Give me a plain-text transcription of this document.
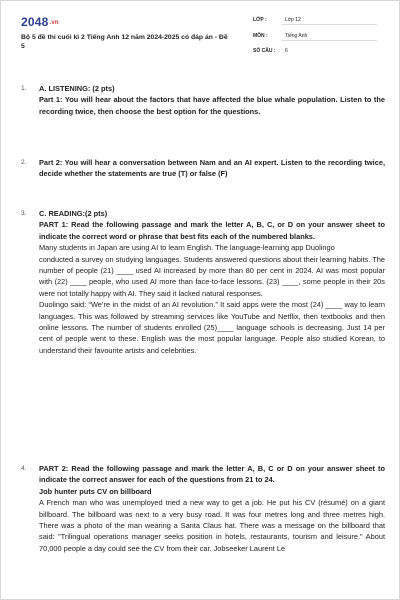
2048.vn
Bộ 5 đề thi cuối kì 2 Tiếng Anh 12 năm 2024-2025 có đáp án - Đề 5
LỚP :	Lớp 12
MÔN :	Tiếng Anh
SỐ CÂU : 6
1. A. LISTENING: (2 pts)

Part 1: You will hear about the factors that have affected the blue whale population. Listen to the recording twice, then choose the best option for the questions.

2. Part 2: You will hear a conversation between Nam and an AI expert. Listen to the recording twice, decide whether the statements are true (T) or false (F)

3. C. READING:(2 pts)

PART 1: Read the following passage and mark the letter A, B, C, or D on your answer sheet to indicate the correct word or phrase that best fits each of the numbered blanks.

Many students in Japan are using AI to learn English. The language-learning app Duolingo

conducted a survey on studying languages. Students answered questions about their learning habits. The number of people (21) ____ used AI increased by more than 80 per cent in 2024. AI was most popular with (22) ____ people, who used AI more than face-to-face lessons. (23) ____, some people in their 20s were not totally happy with AI. They said it lacked natural responses.

Duolingo said: “We’re in the midst of an AI revolution.” It said apps were the most (24) ____ way to learn languages. This was followed by streaming services like YouTube and Netflix, then textbooks and then online lessons. The number of students enrolled (25)____ language schools is decreasing. Just 14 per cent of people went to these. English was the most popular language. People also studied Korean, to understand their favourite artists and celebrities.

4. PART 2: Read the following passage and mark the letter A, B, C or D on your answer sheet to indicate the correct answer for each of the questions from 21 to 24.

Job hunter puts CV on billboard

A French man who was unemployed tried a new way to get a job. He put his CV (résumé) on a giant billboard. The billboard was next to a very busy road. It was four metres long and three metres high. There was a photo of the man wearing a Santa Claus hat. There was a message on the billboard that said: "Trilingual operations manager seeks position in hotels, restaurants, tourism and leisure." About 70,000 people a day could see the CV from their car. Jobseeker Laurent Le
